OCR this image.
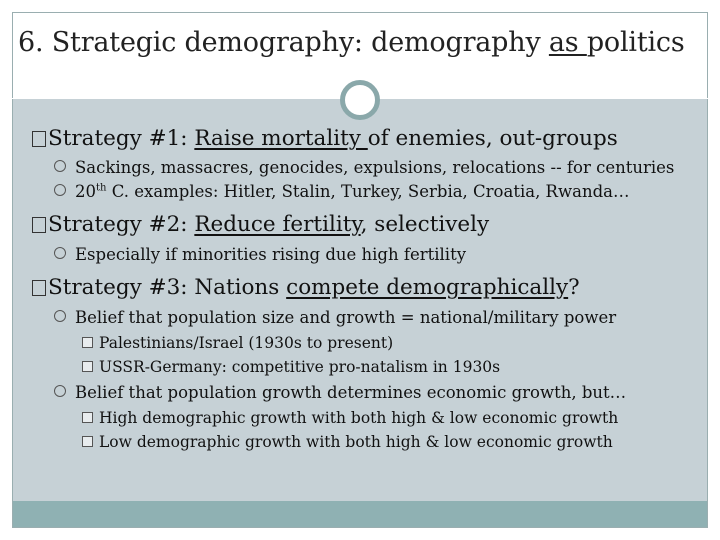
6. Strategic demography: demography as politics
Strategy #1: Raise mortality of enemies, out-groups
Sackings, massacres, genocides, expulsions, relocations -- for centuries
20th C. examples: Hitler, Stalin, Turkey, Serbia, Croatia, Rwanda…
Strategy #2: Reduce fertility, selectively
Especially if minorities rising due high fertility
Strategy #3: Nations compete demographically?
Belief that population size and growth = national/military power
Palestinians/Israel (1930s to present)
USSR-Germany: competitive pro-natalism in 1930s
Belief that population growth determines economic growth, but…
High demographic growth with both high & low economic growth
Low demographic growth with both high & low economic growth
